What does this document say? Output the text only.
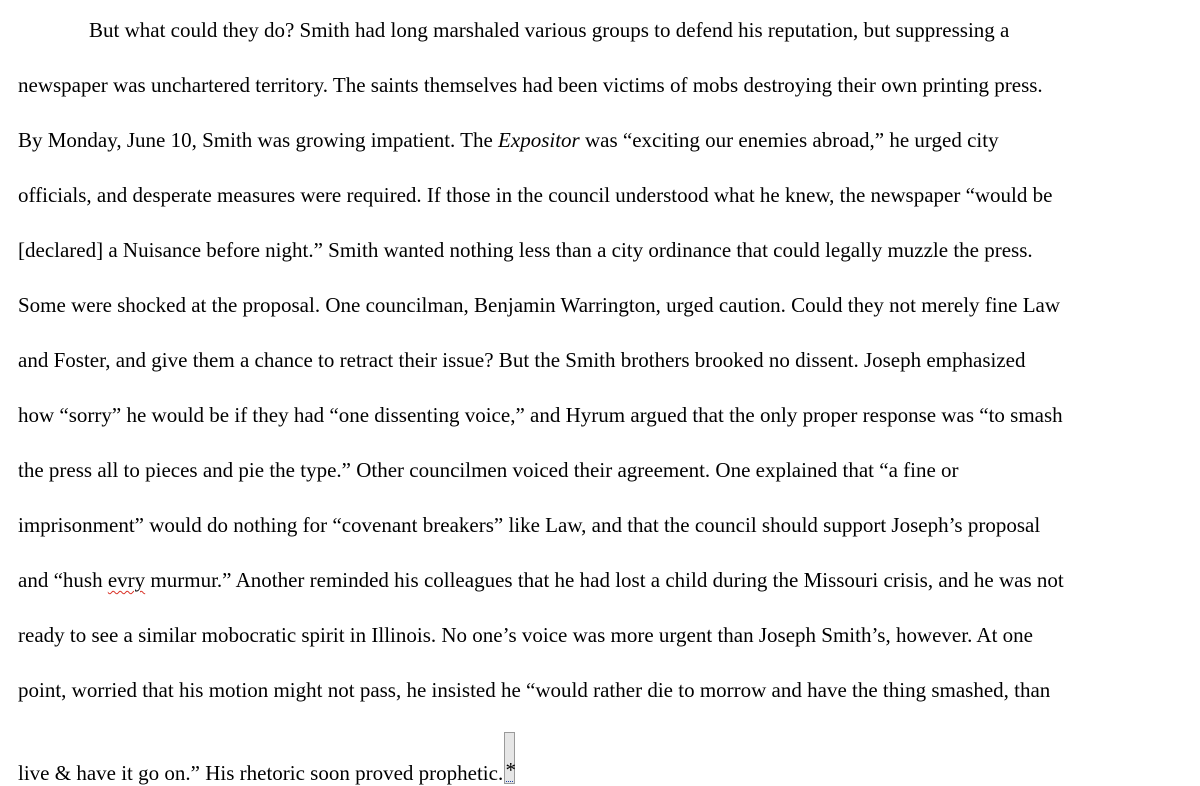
But what could they do? Smith had long marshaled various groups to defend his reputation, but suppressing a
newspaper was unchartered territory. The saints themselves had been victims of mobs destroying their own printing press.
By Monday, June 10, Smith was growing impatient. The Expositor was “exciting our enemies abroad,” he urged city
officials, and desperate measures were required. If those in the council understood what he knew, the newspaper “would be
[declared] a Nuisance before night.” Smith wanted nothing less than a city ordinance that could legally muzzle the press.
Some were shocked at the proposal. One councilman, Benjamin Warrington, urged caution. Could they not merely fine Law
and Foster, and give them a chance to retract their issue? But the Smith brothers brooked no dissent. Joseph emphasized
how “sorry” he would be if they had “one dissenting voice,” and Hyrum argued that the only proper response was “to smash
the press all to pieces and pie the type.” Other councilmen voiced their agreement. One explained that “a fine or
imprisonment” would do nothing for “covenant breakers” like Law, and that the council should support Joseph’s proposal
and “hush evry murmur.” Another reminded his colleagues that he had lost a child during the Missouri crisis, and he was not
ready to see a similar mobocratic spirit in Illinois. No one’s voice was more urgent than Joseph Smith’s, however. At one
point, worried that his motion might not pass, he insisted he “would rather die to morrow and have the thing smashed, than
live & have it go on.” His rhetoric soon proved prophetic. *
